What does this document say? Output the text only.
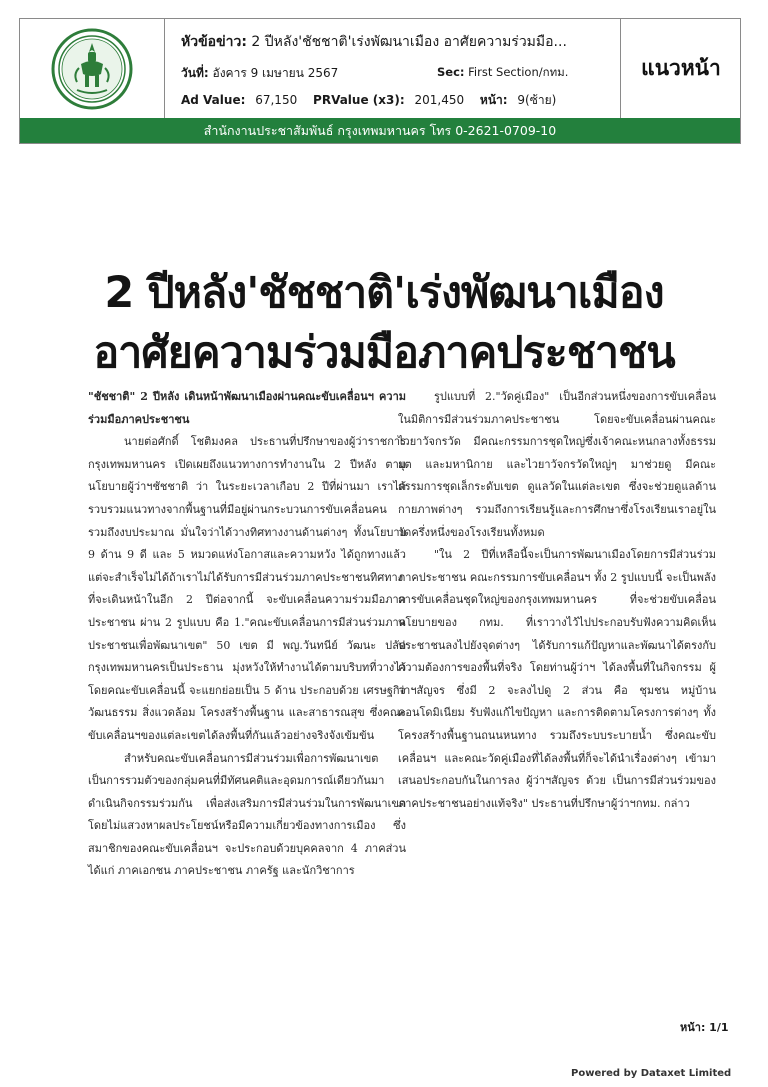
หัวข้อข่าว: 2 ปีหลัง'ชัชชาติ'เร่งพัฒนาเมือง อาศัยความร่วมมือ...
วันที่: อังคาร 9 เมษายน 2567	Sec: First Section/กทม.
Ad Value: 67,150 PRValue (x3): 201,450 หน้า: 9(ซ้าย)
แนวหน้า
สำนักงานประชาสัมพันธ์ กรุงเทพมหานคร โทร 0-2621-0709-10
2 ปีหลัง'ชัชชาติ'เร่งพัฒนาเมือง
อาศัยความร่วมมือภาคประชาชน

"ชัชชาติ" 2 ปีหลัง เดินหน้าพัฒนาเมืองผ่านคณะขับเคลื่อนฯ ความร่วมมือภาคประชาชน

นายต่อศักดิ์ โชติมงคล ประธานที่ปรึกษาของผู้ว่าราชการกรุงเทพมหานคร เปิดเผยถึงแนวทางการทำงานใน 2 ปีหลัง ตามนโยบายผู้ว่าฯชัชชาติ ว่า ในระยะเวลาเกือบ 2 ปีที่ผ่านมา เราได้รวบรวมแนวทางจากพื้นฐานที่มีอยู่ผ่านกระบวนการขับเคลื่อนคนรวมถึงงบประมาณ มั่นใจว่าได้วางทิศทางงานด้านต่างๆ ทั้งนโยบาย 9 ด้าน 9 ดี และ 5 หมวดแห่งโอกาสและความหวัง ได้ถูกทางแล้ว แต่จะสำเร็จไม่ได้ถ้าเราไม่ได้รับการมีส่วนร่วมภาคประชาชนทิศทางที่จะเดินหน้าในอีก 2 ปีต่อจากนี้ จะขับเคลื่อนความร่วมมือภาคประชาชน ผ่าน 2 รูปแบบ คือ 1."คณะขับเคลื่อนการมีส่วนร่วมภาคประชาชนเพื่อพัฒนาเขต" 50 เขต มี พญ.วันทนีย์ วัฒนะ ปลัดกรุงเทพมหานครเป็นประธาน มุ่งหวังให้ทำงานได้ตามบริบทที่วางไว้ โดยคณะขับเคลื่อนนี้ จะแยกย่อยเป็น 5 ด้าน ประกอบด้วย เศรษฐกิจ วัฒนธรรม สิ่งแวดล้อม โครงสร้างพื้นฐาน และสาธารณสุข ซึ่งคณะขับเคลื่อนฯของแต่ละเขตได้ลงพื้นที่กันแล้วอย่างจริงจังเข้มข้น

สำหรับคณะขับเคลื่อนการมีส่วนร่วมเพื่อการพัฒนาเขต เป็นการรวมตัวของกลุ่มคนที่มีทัศนคติและอุดมการณ์เดียวกันมาดำเนินกิจกรรมร่วมกัน เพื่อส่งเสริมการมีส่วนร่วมในการพัฒนาเขตโดยไม่แสวงหาผลประโยชน์หรือมีความเกี่ยวข้องทางการเมือง ซึ่งสมาชิกของคณะขับเคลื่อนฯ จะประกอบด้วยบุคคลจาก 4 ภาคส่วน ได้แก่ ภาคเอกชน ภาคประชาชน ภาครัฐ และนักวิชาการ

รูปแบบที่ 2."วัดคู่เมือง" เป็นอีกส่วนหนึ่งของการขับเคลื่อนในมิติการมีส่วนร่วมภาคประชาชน โดยจะขับเคลื่อนผ่านคณะไวยาวัจกรวัด มีคณะกรรมการชุดใหญ่ซึ่งเจ้าคณะหนกลางทั้งธรรมยุต และมหานิกาย และไวยาวัจกรวัดใหญ่ๆ มาช่วยดู มีคณะกรรมการชุดเล็กระดับเขต ดูแลวัดในแต่ละเขต ซึ่งจะช่วยดูแลด้านกายภาพต่างๆ รวมถึงการเรียนรู้และการศึกษาซึ่งโรงเรียนเราอยู่ในวัดครึ่งหนึ่งของโรงเรียนทั้งหมด

"ใน 2 ปีที่เหลือนี้จะเป็นการพัฒนาเมืองโดยการมีส่วนร่วมภาคประชาชน คณะกรรมการขับเคลื่อนฯ ทั้ง 2 รูปแบบนี้ จะเป็นพลังการขับเคลื่อนชุดใหญ่ของกรุงเทพมหานคร ที่จะช่วยขับเคลื่อนนโยบายของ กทม. ที่เราวางไว้ไปประกอบรับฟังความคิดเห็นประชาชนลงไปยังจุดต่างๆ ได้รับการแก้ปัญหาและพัฒนาได้ตรงกับความต้องการของพื้นที่จริง โดยท่านผู้ว่าฯ ได้ลงพื้นที่ในกิจกรรม ผู้ว่าฯสัญจร ซึ่งมี 2 จะลงไปดู 2 ส่วน คือ ชุมชน หมู่บ้าน คอนโดมิเนียม รับฟังแก้ไขปัญหา และการติดตามโครงการต่างๆ ทั้งโครงสร้างพื้นฐานถนนหนทาง รวมถึงระบบระบายน้ำ ซึ่งคณะขับเคลื่อนฯ และคณะวัดคู่เมืองที่ได้ลงพื้นที่ก็จะได้นำเรื่องต่างๆ เข้ามาเสนอประกอบกันในการลง ผู้ว่าฯสัญจร ด้วย เป็นการมีส่วนร่วมของภาคประชาชนอย่างแท้จริง" ประธานที่ปรึกษาผู้ว่าฯกทม. กล่าว

หน้า: 1/1
Powered by Dataxet Limited
